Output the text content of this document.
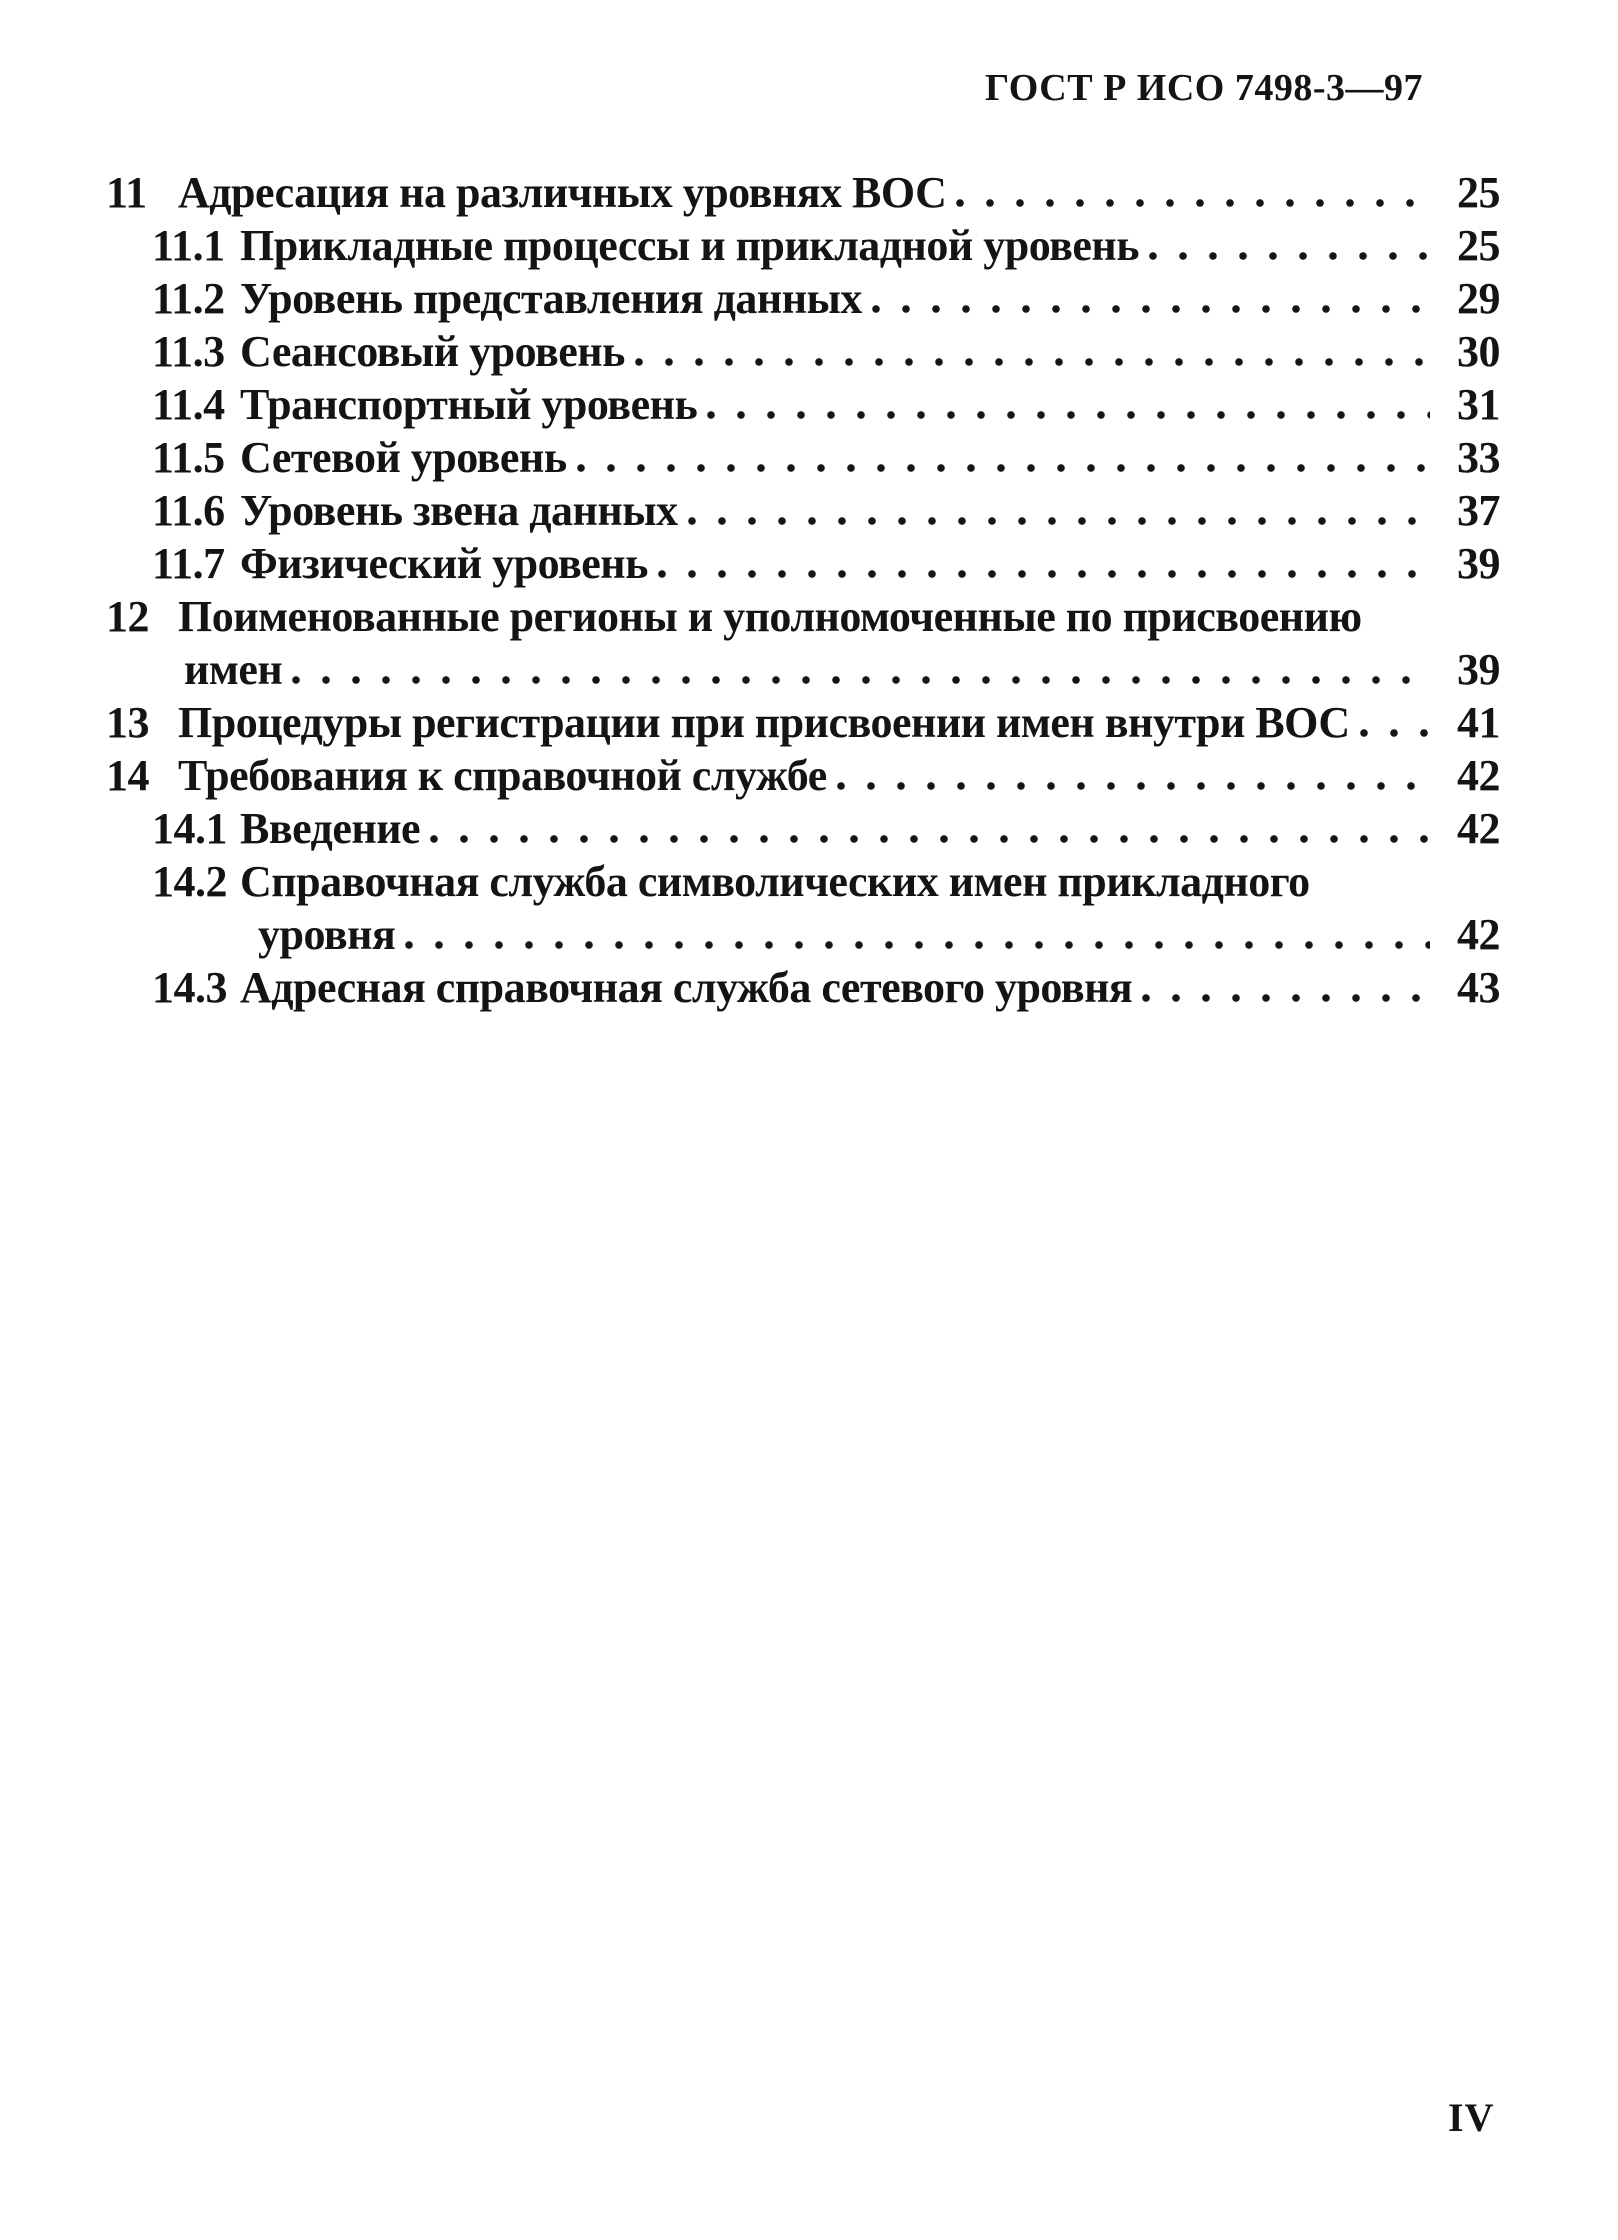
ГОСТ Р ИСО 7498-3—97
11 Адресация на различных уровнях ВОС	25
11.1 Прикладные процессы и прикладной уровень	25
11.2 Уровень представления данных	29
11.3 Сеансовый уровень	30
11.4 Транспортный уровень	31
11.5 Сетевой уровень	33
11.6 Уровень звена данных	37
11.7 Физический уровень	39
12 Поименованные регионы и уполномоченные по присвоению
имен	39
13 Процедуры регистрации при присвоении имен внутри ВОС 41
14 Требования к справочной службе	42
14.1 Введение	42
14.2 Справочная служба символических имен прикладного
уровня	42
14.3 Адресная справочная служба сетевого уровня	43
IV
